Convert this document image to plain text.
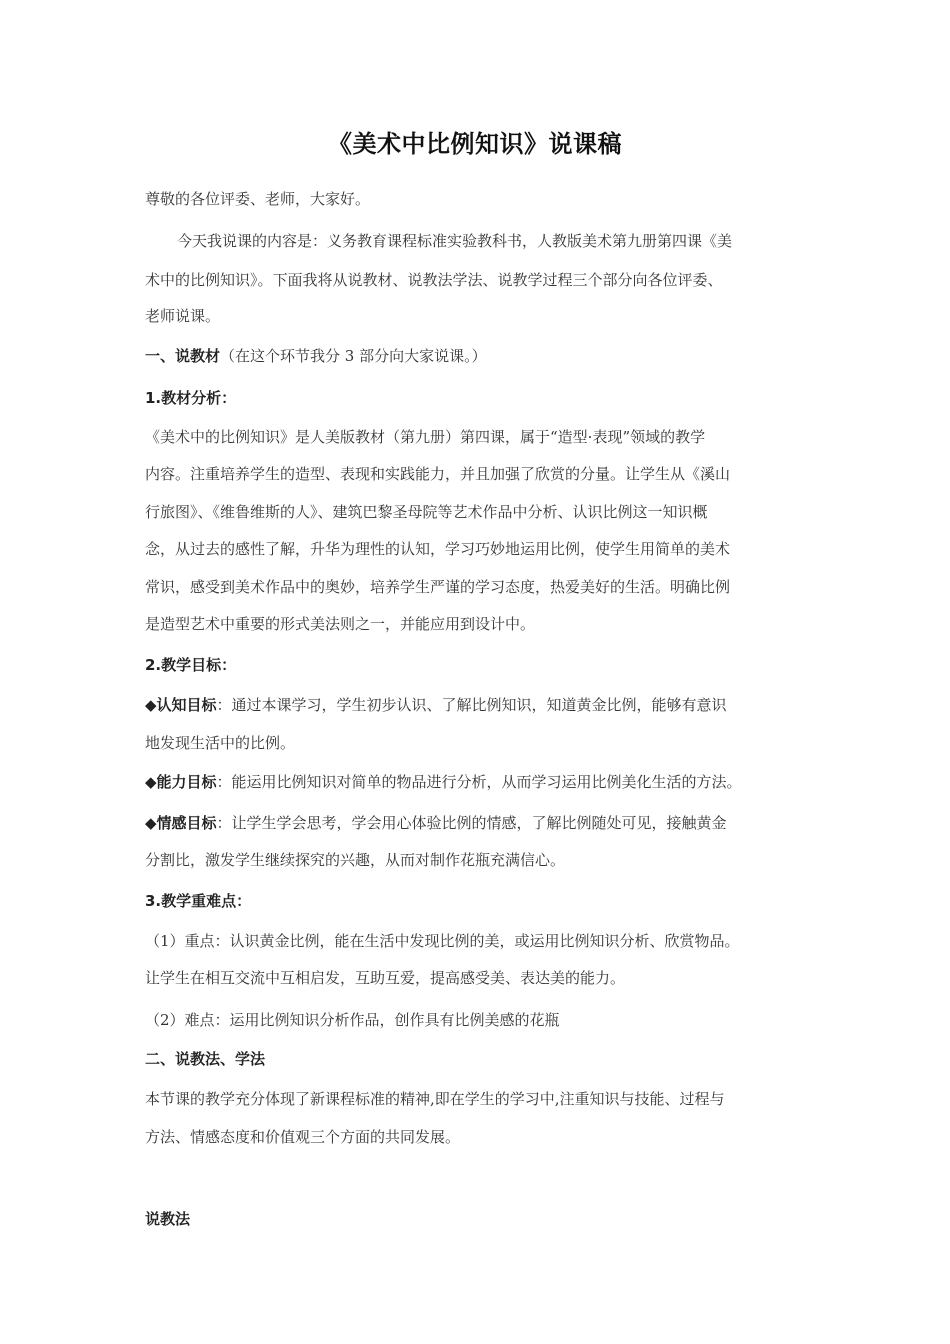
《美术中比例知识》说课稿
尊敬的各位评委、老师，大家好。
今天我说课的内容是：义务教育课程标准实验教科书，人教版美术第九册第四课《美
术中的比例知识》。下面我将从说教材、说教法学法、说教学过程三个部分向各位评委、
老师说课。
一、说教材（在这个环节我分 3 部分向大家说课。）
1.教材分析：
《美术中的比例知识》是人美版教材（第九册）第四课，属于“造型·表现”领域的教学
内容。注重培养学生的造型、表现和实践能力，并且加强了欣赏的分量。让学生从《溪山
行旅图》、《维鲁维斯的人》、建筑巴黎圣母院等艺术作品中分析、认识比例这一知识概
念，从过去的感性了解，升华为理性的认知，学习巧妙地运用比例，使学生用简单的美术
常识，感受到美术作品中的奥妙，培养学生严谨的学习态度，热爱美好的生活。明确比例
是造型艺术中重要的形式美法则之一，并能应用到设计中。
2.教学目标：
◆认知目标：通过本课学习，学生初步认识、了解比例知识，知道黄金比例，能够有意识
地发现生活中的比例。
◆能力目标：能运用比例知识对简单的物品进行分析，从而学习运用比例美化生活的方法。
◆情感目标：让学生学会思考，学会用心体验比例的情感，了解比例随处可见，接触黄金
分割比，激发学生继续探究的兴趣，从而对制作花瓶充满信心。
3.教学重难点：
（1）重点：认识黄金比例，能在生活中发现比例的美，或运用比例知识分析、欣赏物品。
让学生在相互交流中互相启发，互助互爱，提高感受美、表达美的能力。
（2）难点：运用比例知识分析作品，创作具有比例美感的花瓶
二、说教法、学法
本节课的教学充分体现了新课程标准的精神,即在学生的学习中,注重知识与技能、过程与
方法、情感态度和价值观三个方面的共同发展。
说教法
